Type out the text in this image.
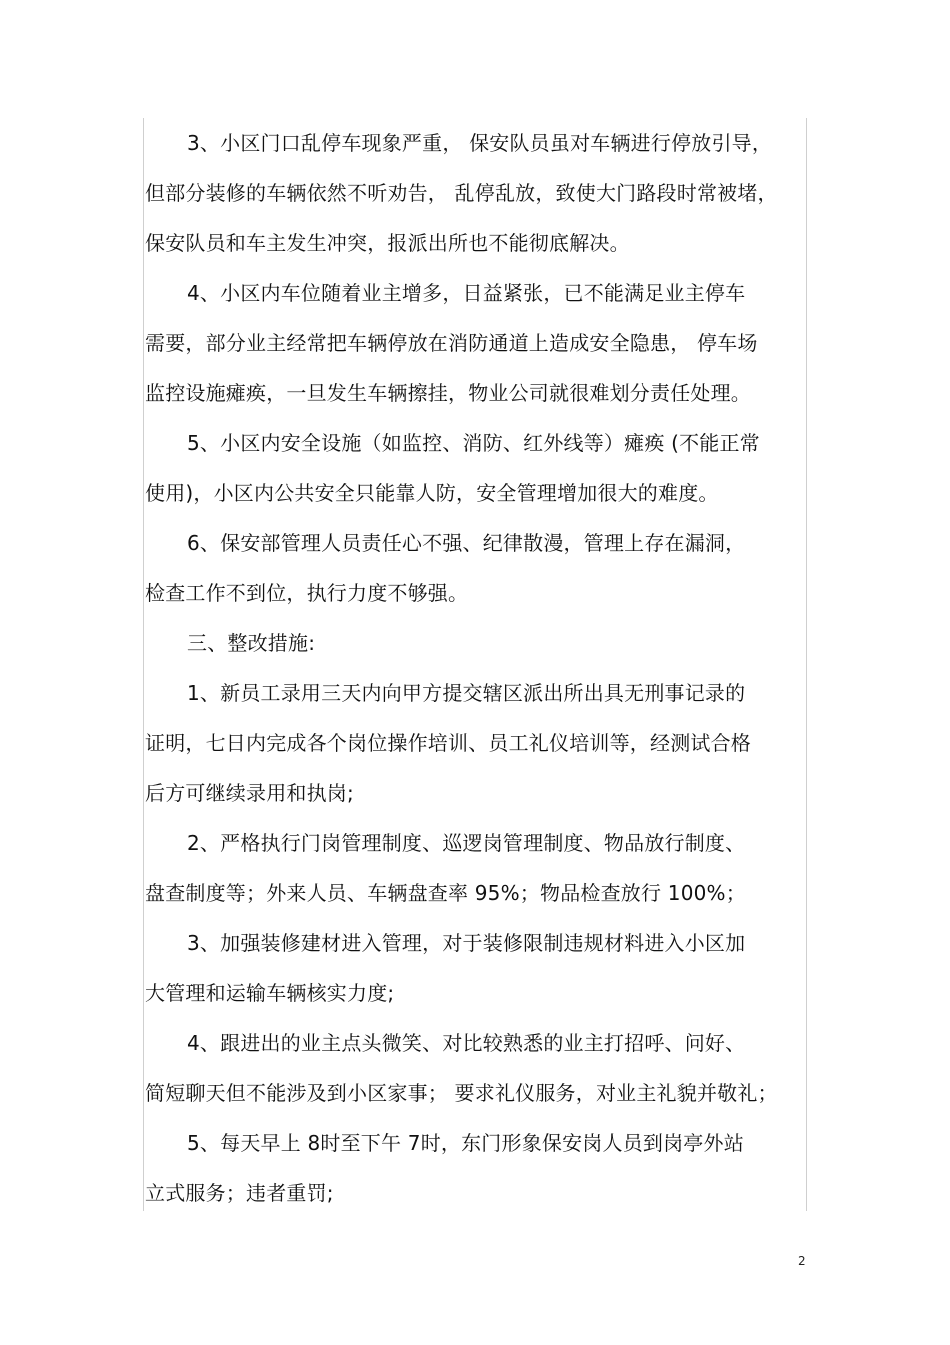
3、小区门口乱停车现象严重， 保安队员虽对车辆进行停放引导，
但部分装修的车辆依然不听劝告， 乱停乱放，致使大门路段时常被堵，
保安队员和车主发生冲突，报派出所也不能彻底解决。
4、小区内车位随着业主增多，日益紧张，已不能满足业主停车
需要，部分业主经常把车辆停放在消防通道上造成安全隐患， 停车场
监控设施瘫痪，一旦发生车辆擦挂，物业公司就很难划分责任处理。
5、小区内安全设施（如监控、消防、红外线等）瘫痪 (不能正常
使用)，小区内公共安全只能靠人防，安全管理增加很大的难度。
6、保安部管理人员责任心不强、纪律散漫，管理上存在漏洞，
检查工作不到位，执行力度不够强。
三、整改措施:
1、新员工录用三天内向甲方提交辖区派出所出具无刑事记录的
证明，七日内完成各个岗位操作培训、员工礼仪培训等，经测试合格
后方可继续录用和执岗;
2、严格执行门岗管理制度、巡逻岗管理制度、物品放行制度、
盘查制度等；外来人员、车辆盘查率 95%；物品检查放行 100%；
3、加强装修建材进入管理，对于装修限制违规材料进入小区加
大管理和运输车辆核实力度;
4、跟进出的业主点头微笑、对比较熟悉的业主打招呼、问好、
简短聊天但不能涉及到小区家事； 要求礼仪服务，对业主礼貌并敬礼；
5、每天早上 8时至下午 7时，东门形象保安岗人员到岗亭外站
立式服务；违者重罚;
2
